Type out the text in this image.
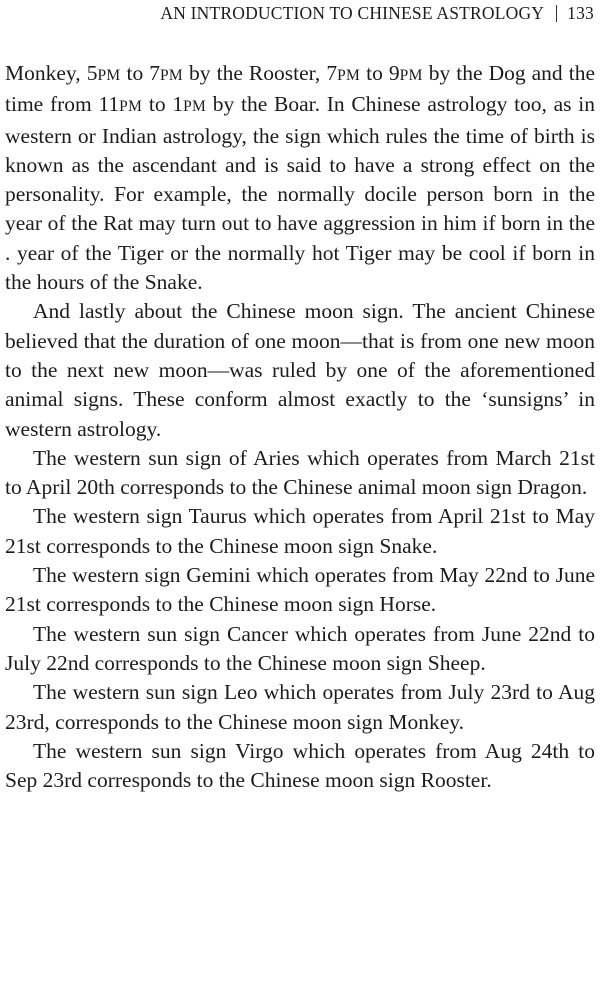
AN INTRODUCTION TO CHINESE ASTROLOGY 133

Monkey, 5PM to 7PM by the Rooster, 7PM to 9PM by the Dog and the time from 11PM to 1PM by the Boar. In Chinese astrology too, as in western or Indian astrology, the sign which rules the time of birth is known as the ascendant and is said to have a strong effect on the personality. For example, the normally docile person born in the year of the Rat may turn out to have aggression in him if born in the . year of the Tiger or the normally hot Tiger may be cool if born in the hours of the Snake.

And lastly about the Chinese moon sign. The ancient Chinese believed that the duration of one moon—that is from one new moon to the next new moon—was ruled by one of the aforementioned animal signs. These conform almost exactly to the ‘sunsigns’ in western astrology.

The western sun sign of Aries which operates from March 21st to April 20th corresponds to the Chinese animal moon sign Dragon.

The western sign Taurus which operates from April 21st to May 21st corresponds to the Chinese moon sign Snake.

The western sign Gemini which operates from May 22nd to June 21st corresponds to the Chinese moon sign Horse.

The western sun sign Cancer which operates from June 22nd to July 22nd corresponds to the Chinese moon sign Sheep.

The western sun sign Leo which operates from July 23rd to Aug 23rd, corresponds to the Chinese moon sign Monkey.

The western sun sign Virgo which operates from Aug 24th to Sep 23rd corresponds to the Chinese moon sign Rooster.
